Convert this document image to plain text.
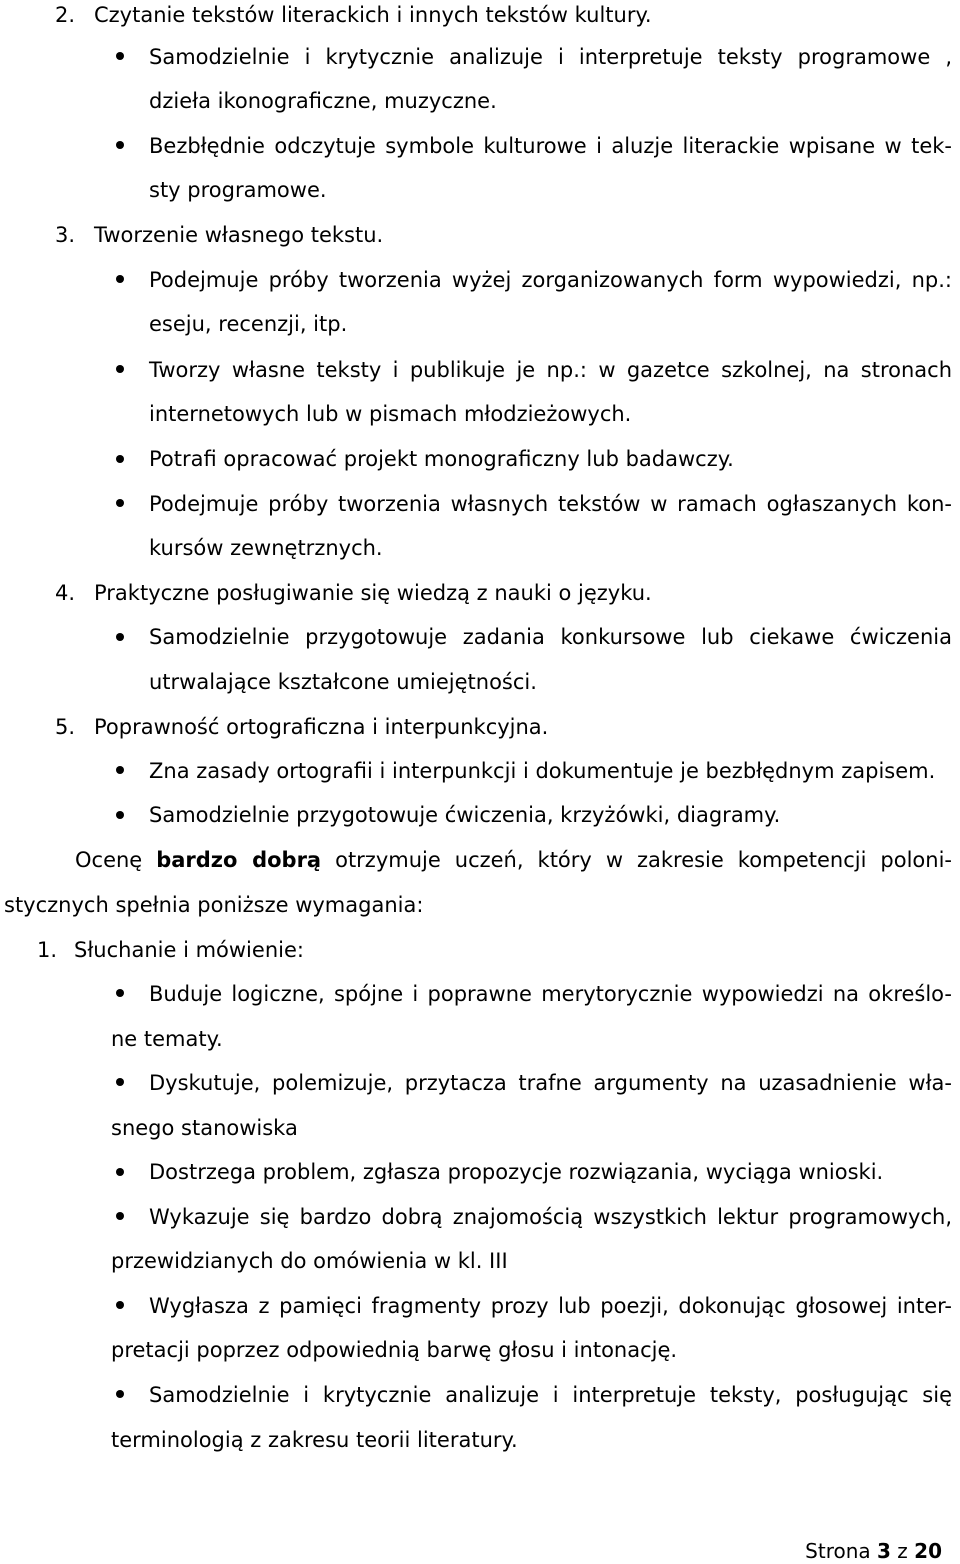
2. Czytanie tekstów literackich i innych tekstów kultury.
Samodzielnie i krytycznie analizuje i interpretuje teksty programowe ,
dzieła ikonograficzne, muzyczne.
Bezbłędnie odczytuje symbole kulturowe i aluzje literackie wpisane w tek-
sty programowe.
3. Tworzenie własnego tekstu.
Podejmuje próby tworzenia wyżej zorganizowanych form wypowiedzi, np.:
eseju, recenzji, itp.
Tworzy własne teksty i publikuje je np.: w gazetce szkolnej, na stronach
internetowych lub w pismach młodzieżowych.
Potrafi opracować projekt monograficzny lub badawczy.
Podejmuje próby tworzenia własnych tekstów w ramach ogłaszanych kon-
kursów zewnętrznych.
4. Praktyczne posługiwanie się wiedzą z nauki o języku.
Samodzielnie przygotowuje zadania konkursowe lub ciekawe ćwiczenia
utrwalające kształcone umiejętności.
5. Poprawność ortograficzna i interpunkcyjna.
Zna zasady ortografii i interpunkcji i dokumentuje je bezbłędnym zapisem.
Samodzielnie przygotowuje ćwiczenia, krzyżówki, diagramy.
Ocenę bardzo dobrą otrzymuje uczeń, który w zakresie kompetencji poloni-
stycznych spełnia poniższe wymagania:
1. Słuchanie i mówienie:
Buduje logiczne, spójne i poprawne merytorycznie wypowiedzi na określo-
ne tematy.
Dyskutuje, polemizuje, przytacza trafne argumenty na uzasadnienie wła-
snego stanowiska
Dostrzega problem, zgłasza propozycje rozwiązania, wyciąga wnioski.
Wykazuje się bardzo dobrą znajomością wszystkich lektur programowych,
przewidzianych do omówienia w kl. III
Wygłasza z pamięci fragmenty prozy lub poezji, dokonując głosowej inter-
pretacji poprzez odpowiednią barwę głosu i intonację.
Samodzielnie i krytycznie analizuje i interpretuje teksty, posługując się
terminologią z zakresu teorii literatury.
Strona 3 z 20
